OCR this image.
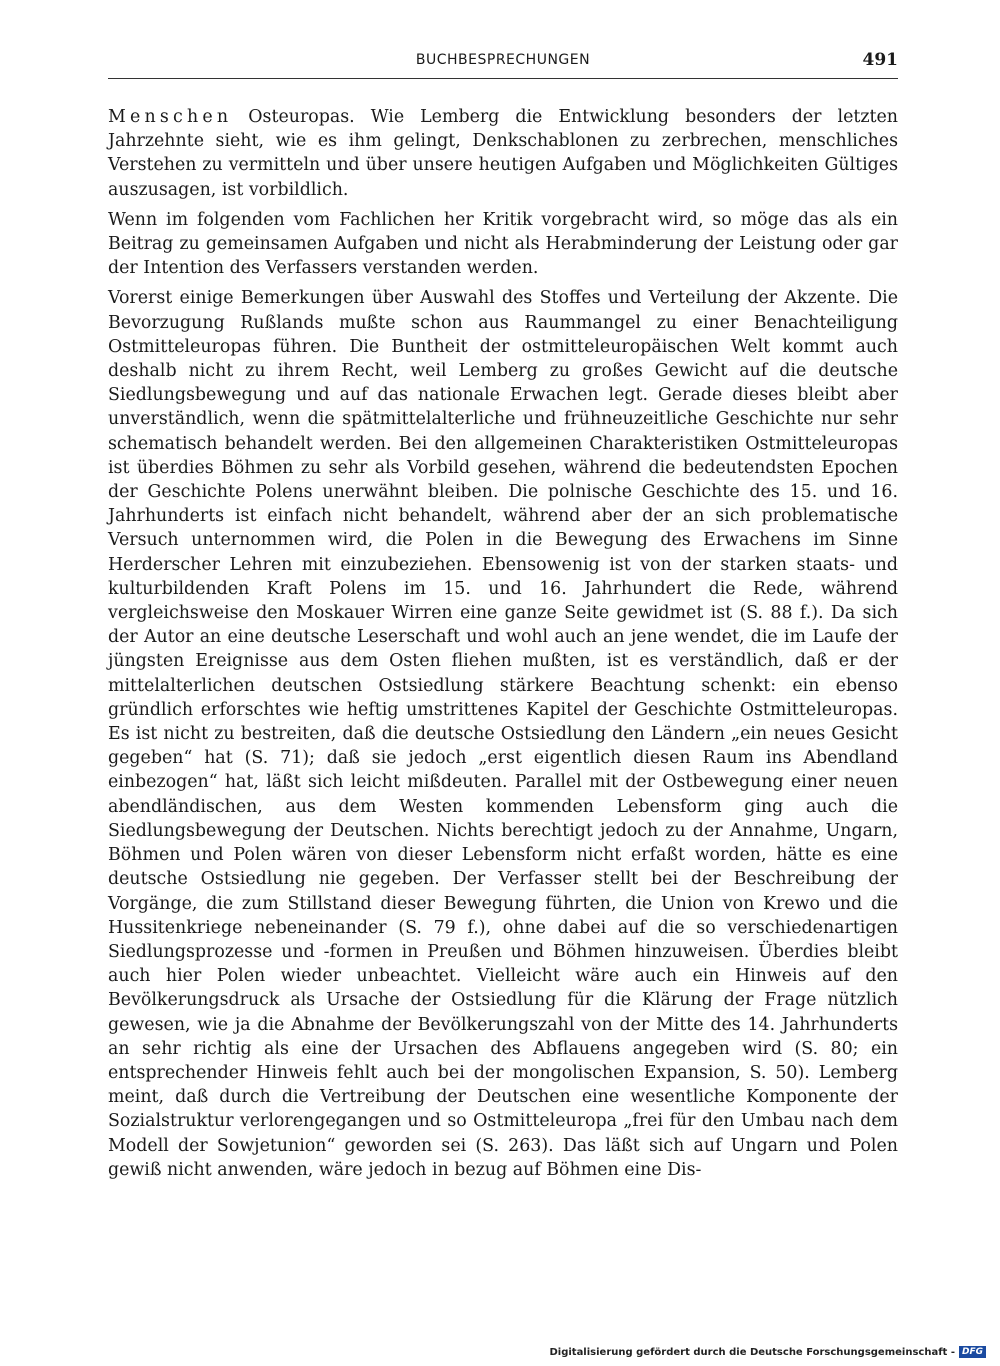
BUCHBESPRECHUNGEN	491

Menschen Osteuropas. Wie Lemberg die Entwicklung besonders der letzten Jahrzehnte sieht, wie es ihm gelingt, Denkschablonen zu zerbrechen, menschliches Verstehen zu vermitteln und über unsere heutigen Aufgaben und Möglichkeiten Gültiges auszusagen, ist vorbildlich.

Wenn im folgenden vom Fachlichen her Kritik vorgebracht wird, so möge das als ein Beitrag zu gemeinsamen Aufgaben und nicht als Herabminderung der Leistung oder gar der Intention des Verfassers verstanden werden.

Vorerst einige Bemerkungen über Auswahl des Stoffes und Verteilung der Akzente. Die Bevorzugung Rußlands mußte schon aus Raummangel zu einer Benachteiligung Ostmitteleuropas führen. Die Buntheit der ostmitteleuropäischen Welt kommt auch deshalb nicht zu ihrem Recht, weil Lemberg zu großes Gewicht auf die deutsche Siedlungsbewegung und auf das nationale Erwachen legt. Gerade dieses bleibt aber unverständlich, wenn die spätmittelalterliche und frühneuzeitliche Geschichte nur sehr schematisch behandelt werden. Bei den allgemeinen Charakteristiken Ostmitteleuropas ist überdies Böhmen zu sehr als Vorbild gesehen, während die bedeutendsten Epochen der Geschichte Polens unerwähnt bleiben. Die polnische Geschichte des 15. und 16. Jahrhunderts ist einfach nicht behandelt, während aber der an sich problematische Versuch unternommen wird, die Polen in die Bewegung des Erwachens im Sinne Herderscher Lehren mit einzubeziehen. Ebensowenig ist von der starken staats- und kulturbildenden Kraft Polens im 15. und 16. Jahrhundert die Rede, während vergleichsweise den Moskauer Wirren eine ganze Seite gewidmet ist (S. 88 f.). Da sich der Autor an eine deutsche Leserschaft und wohl auch an jene wendet, die im Laufe der jüngsten Ereignisse aus dem Osten fliehen mußten, ist es verständlich, daß er der mittelalterlichen deutschen Ostsiedlung stärkere Beachtung schenkt: ein ebenso gründlich erforschtes wie heftig umstrittenes Kapitel der Geschichte Ostmitteleuropas. Es ist nicht zu bestreiten, daß die deutsche Ostsiedlung den Ländern „ein neues Gesicht gegeben“ hat (S. 71); daß sie jedoch „erst eigentlich diesen Raum ins Abendland einbezogen“ hat, läßt sich leicht mißdeuten. Parallel mit der Ostbewegung einer neuen abendländischen, aus dem Westen kommenden Lebensform ging auch die Siedlungsbewegung der Deutschen. Nichts berechtigt jedoch zu der Annahme, Ungarn, Böhmen und Polen wären von dieser Lebensform nicht erfaßt worden, hätte es eine deutsche Ostsiedlung nie gegeben. Der Verfasser stellt bei der Beschreibung der Vorgänge, die zum Stillstand dieser Bewegung führten, die Union von Krewo und die Hussitenkriege nebeneinander (S. 79 f.), ohne dabei auf die so verschiedenartigen Siedlungsprozesse und -formen in Preußen und Böhmen hinzuweisen. Überdies bleibt auch hier Polen wieder unbeachtet. Vielleicht wäre auch ein Hinweis auf den Bevölkerungsdruck als Ursache der Ostsiedlung für die Klärung der Frage nützlich gewesen, wie ja die Abnahme der Bevölkerungszahl von der Mitte des 14. Jahrhunderts an sehr richtig als eine der Ursachen des Abflauens angegeben wird (S. 80; ein entsprechender Hinweis fehlt auch bei der mongolischen Expansion, S. 50). Lemberg meint, daß durch die Vertreibung der Deutschen eine wesentliche Komponente der Sozialstruktur verlorengegangen und so Ostmitteleuropa „frei für den Umbau nach dem Modell der Sowjetunion“ geworden sei (S. 263). Das läßt sich auf Ungarn und Polen gewiß nicht anwenden, wäre jedoch in bezug auf Böhmen eine Dis-

Digitalisierung gefördert durch die Deutsche Forschungsgemeinschaft - DFG
